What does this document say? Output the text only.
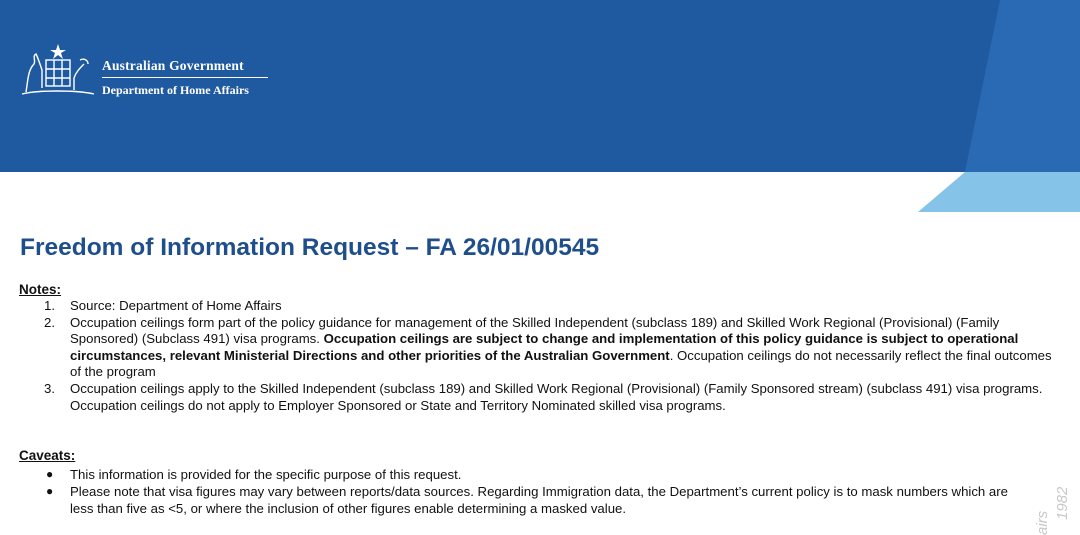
Australian Government
Department of Home Affairs
Freedom of Information Request – FA 26/01/00545
Notes:
1. Source: Department of Home Affairs
2. Occupation ceilings form part of the policy guidance for management of the Skilled Independent (subclass 189) and Skilled Work Regional (Provisional) (Family Sponsored) (Subclass 491) visa programs. Occupation ceilings are subject to change and implementation of this policy guidance is subject to operational circumstances, relevant Ministerial Directions and other priorities of the Australian Government. Occupation ceilings do not necessarily reflect the final outcomes of the program
3. Occupation ceilings apply to the Skilled Independent (subclass 189) and Skilled Work Regional (Provisional) (Family Sponsored stream) (subclass 491) visa programs. Occupation ceilings do not apply to Employer Sponsored or State and Territory Nominated skilled visa programs.
Caveats:
● This information is provided for the specific purpose of this request.
● Please note that visa figures may vary between reports/data sources. Regarding Immigration data, the Department’s current policy is to mask numbers which are less than five as <5, or where the inclusion of other figures enable determining a masked value.
airs
1982
